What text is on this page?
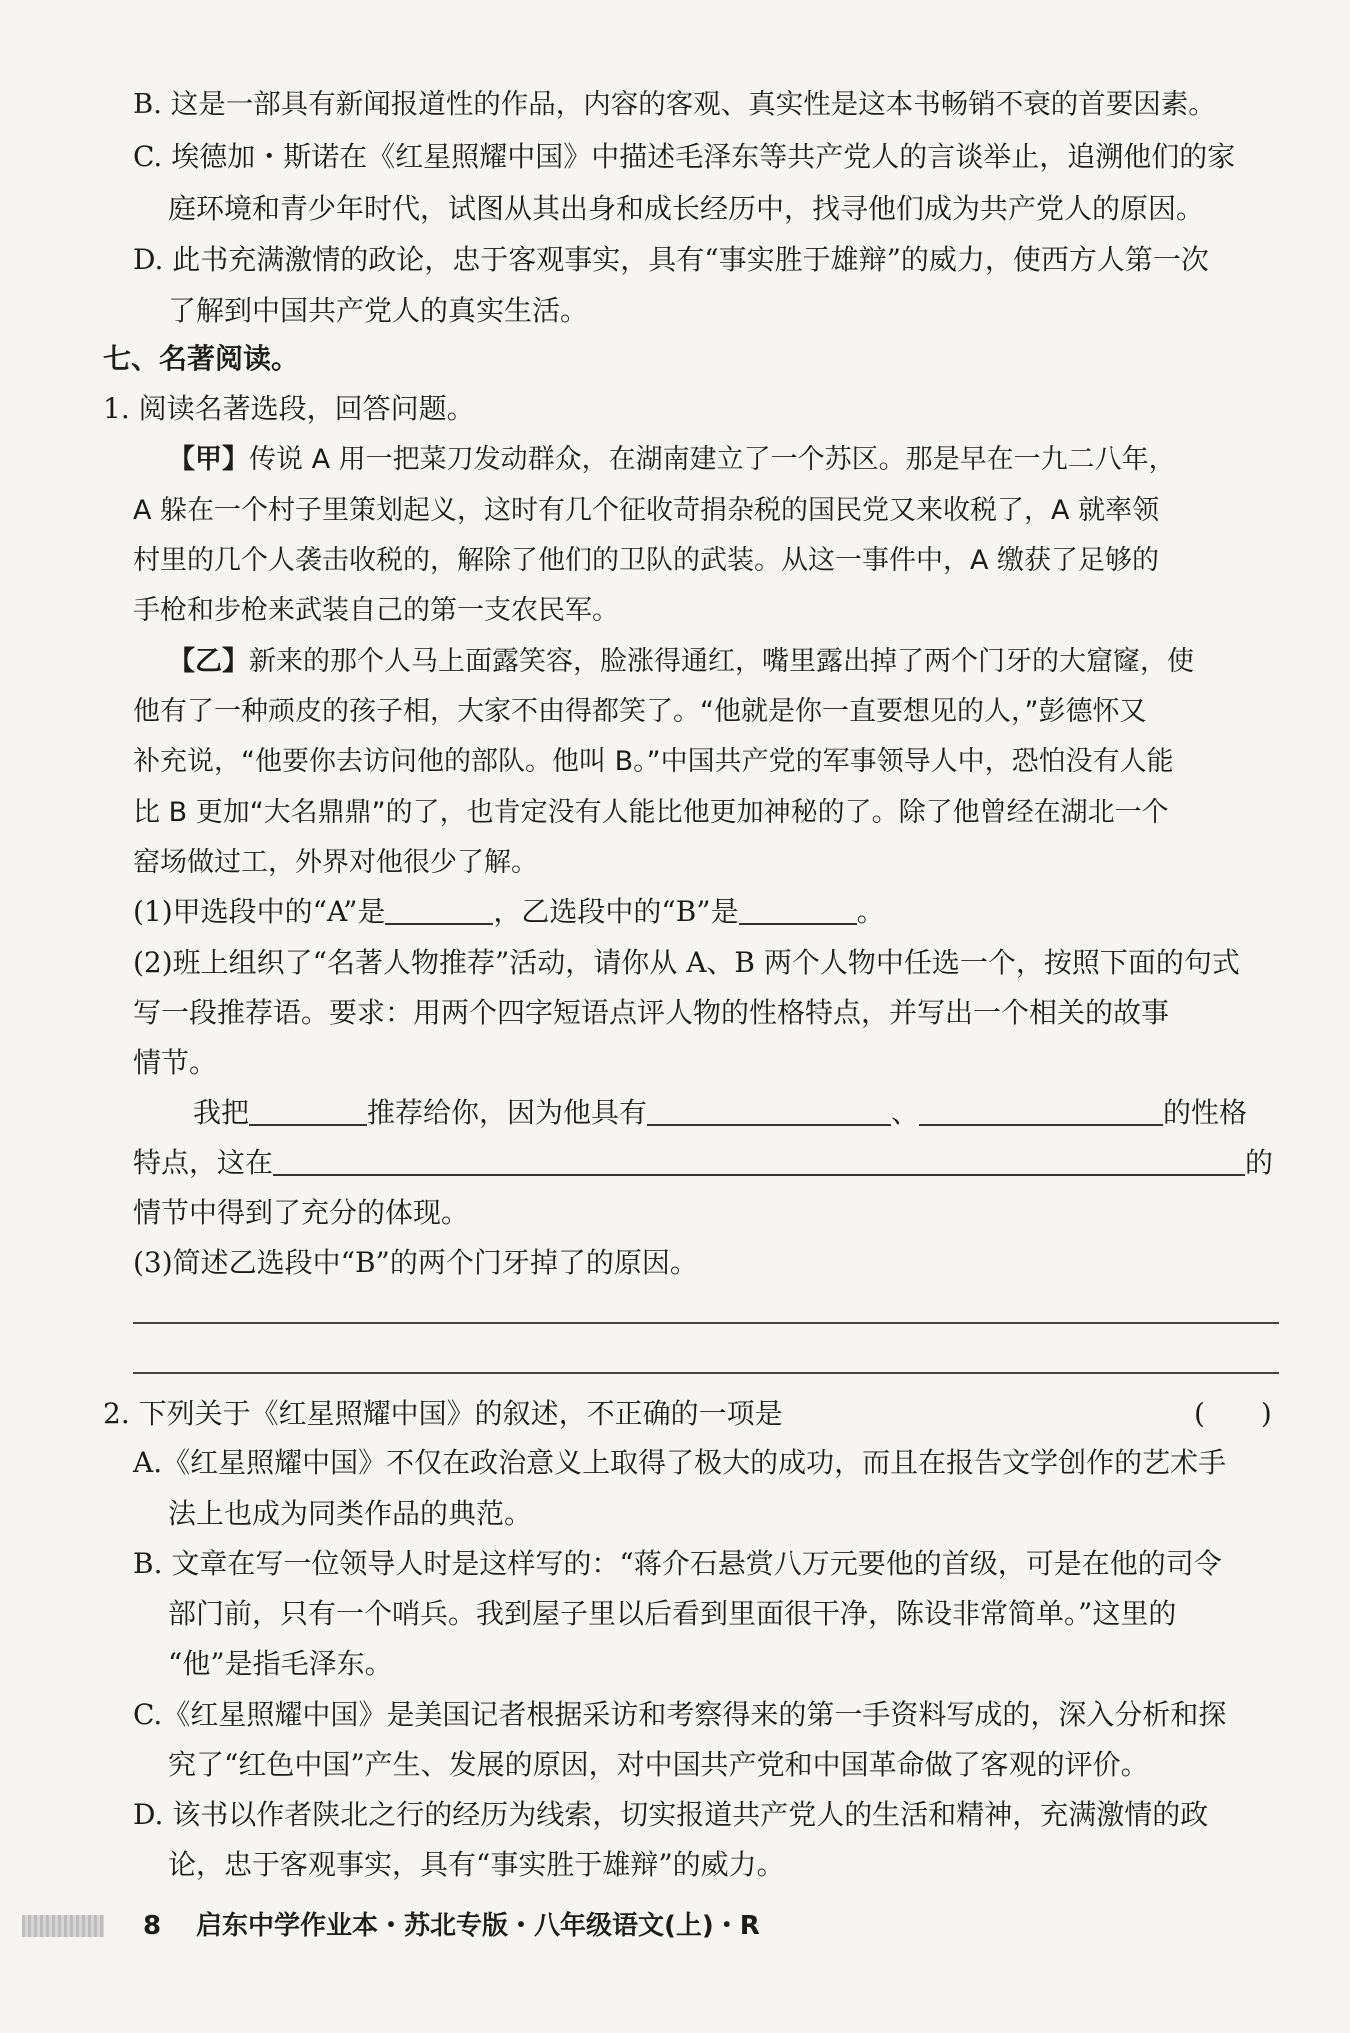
B. 这是一部具有新闻报道性的作品，内容的客观、真实性是这本书畅销不衰的首要因素。
C. 埃德加・斯诺在《红星照耀中国》中描述毛泽东等共产党人的言谈举止，追溯他们的家
庭环境和青少年时代，试图从其出身和成长经历中，找寻他们成为共产党人的原因。
D. 此书充满激情的政论，忠于客观事实，具有“事实胜于雄辩”的威力，使西方人第一次
了解到中国共产党人的真实生活。
七、名著阅读。
1. 阅读名著选段，回答问题。
【甲】传说 A 用一把菜刀发动群众，在湖南建立了一个苏区。那是早在一九二八年，
A 躲在一个村子里策划起义，这时有几个征收苛捐杂税的国民党又来收税了，A 就率领
村里的几个人袭击收税的，解除了他们的卫队的武装。从这一事件中，A 缴获了足够的
手枪和步枪来武装自己的第一支农民军。
【乙】新来的那个人马上面露笑容，脸涨得通红，嘴里露出掉了两个门牙的大窟窿，使
他有了一种顽皮的孩子相，大家不由得都笑了。“他就是你一直要想见的人，”彭德怀又
补充说，“他要你去访问他的部队。他叫 B。”中国共产党的军事领导人中，恐怕没有人能
比 B 更加“大名鼎鼎”的了，也肯定没有人能比他更加神秘的了。除了他曾经在湖北一个
窑场做过工，外界对他很少了解。
(1)甲选段中的“A”是	，乙选段中的“B”是	。
(2)班上组织了“名著人物推荐”活动，请你从 A、B 两个人物中任选一个，按照下面的句式
写一段推荐语。要求：用两个四字短语点评人物的性格特点，并写出一个相关的故事
情节。
我把	推荐给你，因为他具有	、	的性格
特点，这在	的
情节中得到了充分的体现。
(3)简述乙选段中“B”的两个门牙掉了的原因。
2. 下列关于《红星照耀中国》的叙述，不正确的一项是	(　　)
A.《红星照耀中国》不仅在政治意义上取得了极大的成功，而且在报告文学创作的艺术手
法上也成为同类作品的典范。
B. 文章在写一位领导人时是这样写的：“蒋介石悬赏八万元要他的首级，可是在他的司令
部门前，只有一个哨兵。我到屋子里以后看到里面很干净，陈设非常简单。”这里的
“他”是指毛泽东。
C.《红星照耀中国》是美国记者根据采访和考察得来的第一手资料写成的，深入分析和探
究了“红色中国”产生、发展的原因，对中国共产党和中国革命做了客观的评价。
D. 该书以作者陕北之行的经历为线索，切实报道共产党人的生活和精神，充满激情的政
论，忠于客观事实，具有“事实胜于雄辩”的威力。
8 启东中学作业本・苏北专版・八年级语文(上)・R
